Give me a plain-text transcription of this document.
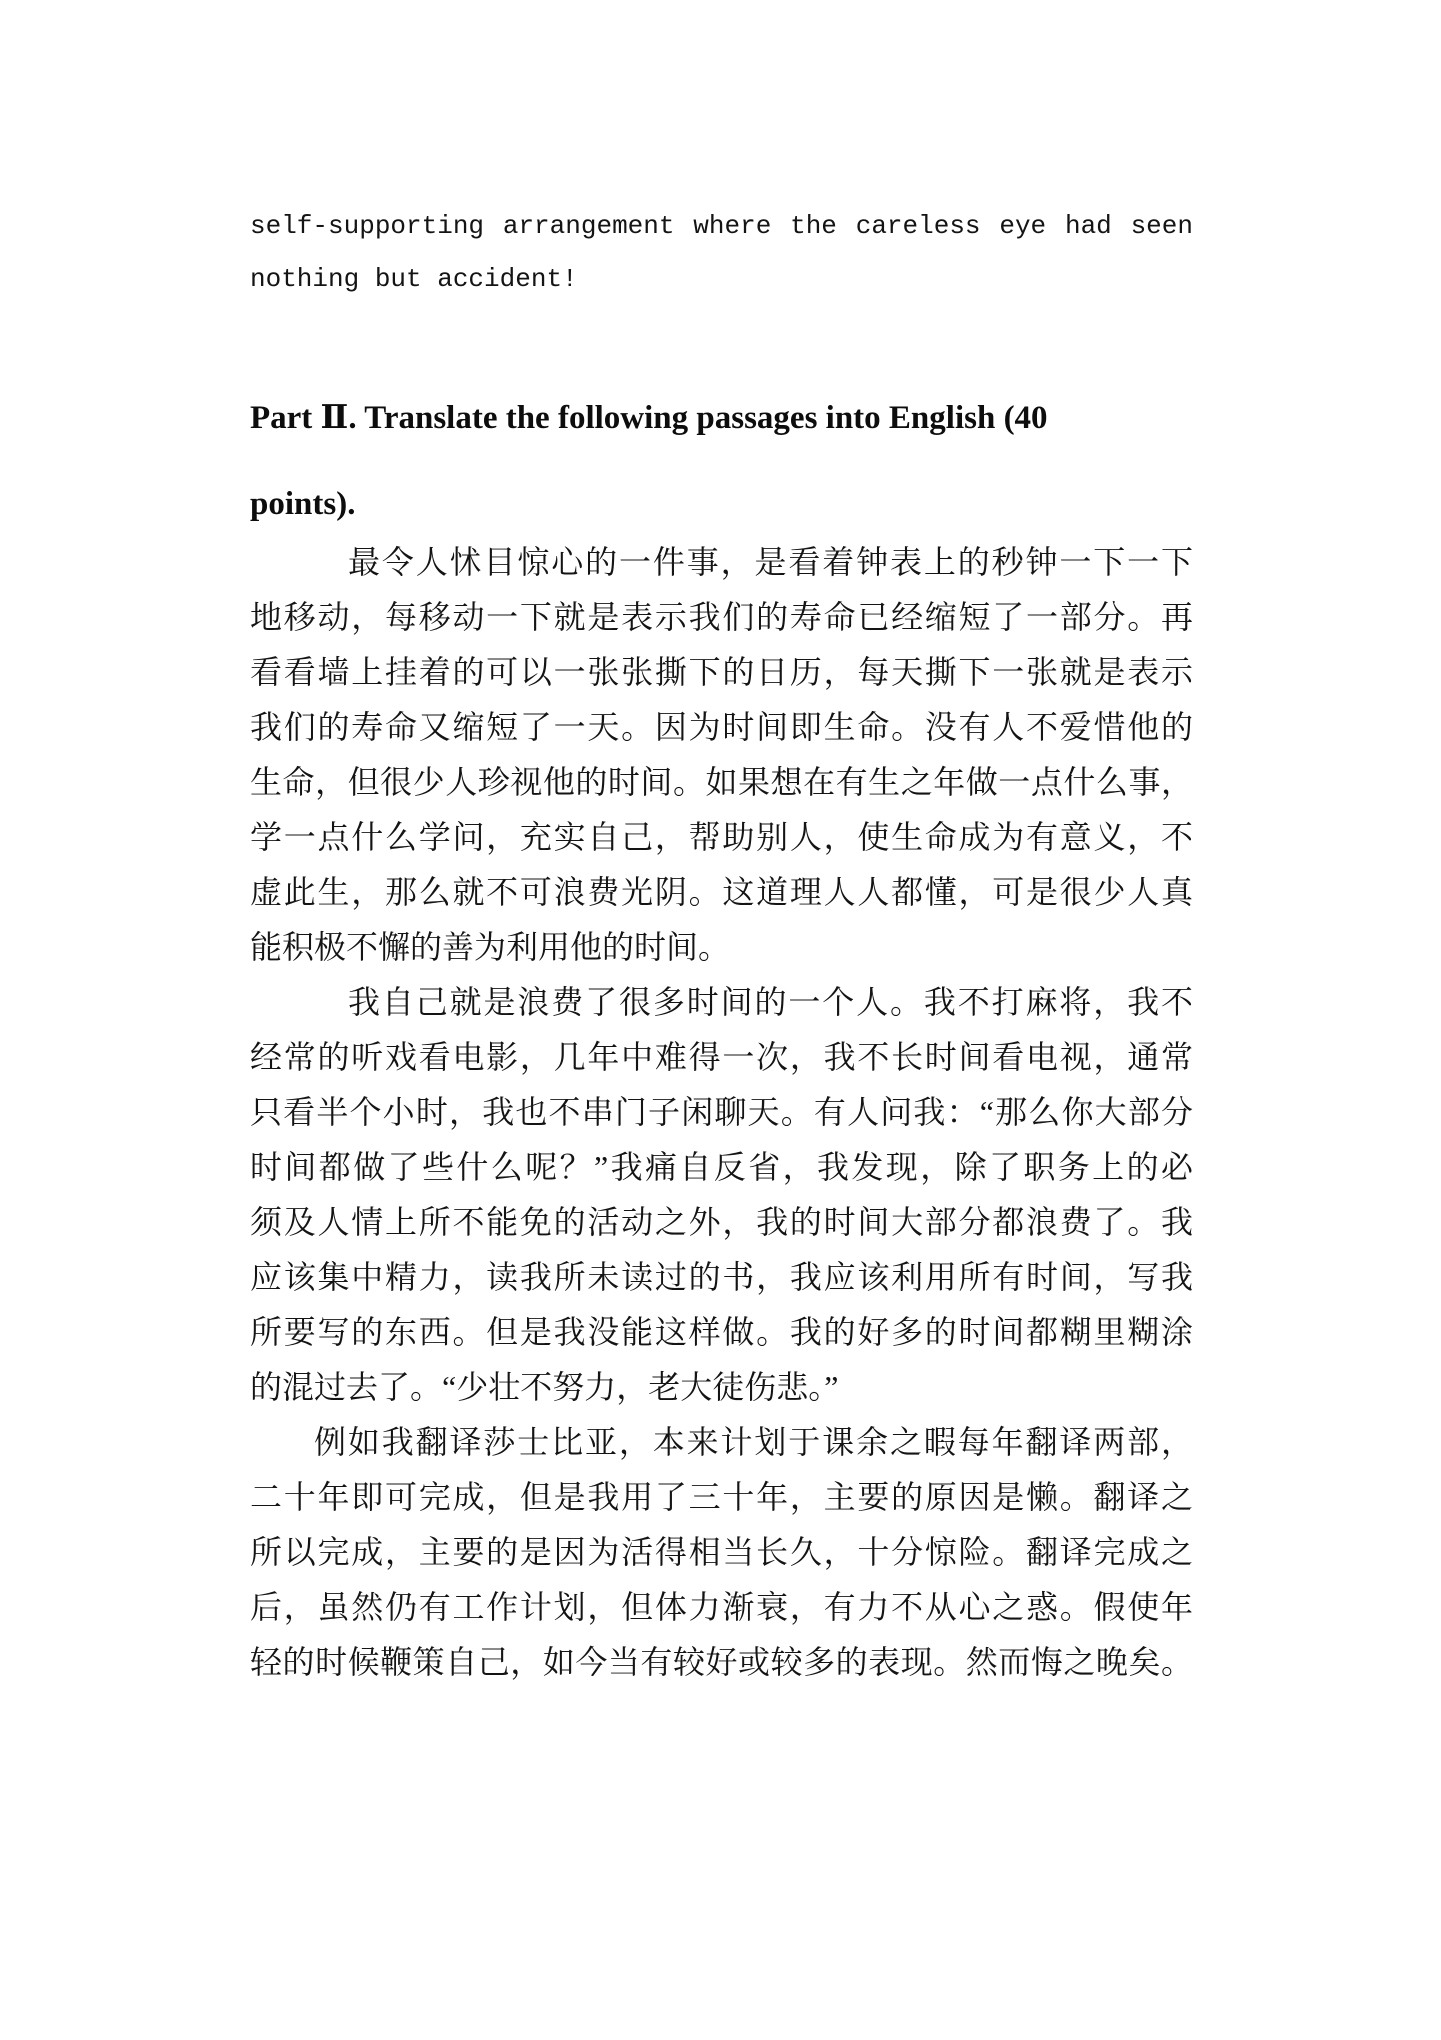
self-supporting arrangement where the careless eye had seen
nothing but accident!
Part Ⅱ. Translate the following passages into English (40
points).
最令人怵目惊心的一件事，是看着钟表上的秒钟一下一下
地移动，每移动一下就是表示我们的寿命已经缩短了一部分。再
看看墙上挂着的可以一张张撕下的日历，每天撕下一张就是表示
我们的寿命又缩短了一天。因为时间即生命。没有人不爱惜他的
生命，但很少人珍视他的时间。如果想在有生之年做一点什么事，
学一点什么学问，充实自己，帮助别人，使生命成为有意义，不
虚此生，那么就不可浪费光阴。这道理人人都懂，可是很少人真
能积极不懈的善为利用他的时间。
我自己就是浪费了很多时间的一个人。我不打麻将，我不
经常的听戏看电影，几年中难得一次，我不长时间看电视，通常
只看半个小时，我也不串门子闲聊天。有人问我：“那么你大部分
时间都做了些什么呢？”我痛自反省，我发现，除了职务上的必
须及人情上所不能免的活动之外，我的时间大部分都浪费了。我
应该集中精力，读我所未读过的书，我应该利用所有时间，写我
所要写的东西。但是我没能这样做。我的好多的时间都糊里糊涂
的混过去了。“少壮不努力，老大徒伤悲。”
例如我翻译莎士比亚，本来计划于课余之暇每年翻译两部，
二十年即可完成，但是我用了三十年，主要的原因是懒。翻译之
所以完成，主要的是因为活得相当长久，十分惊险。翻译完成之
后，虽然仍有工作计划，但体力渐衰，有力不从心之惑。假使年
轻的时候鞭策自己，如今当有较好或较多的表现。然而悔之晚矣。
